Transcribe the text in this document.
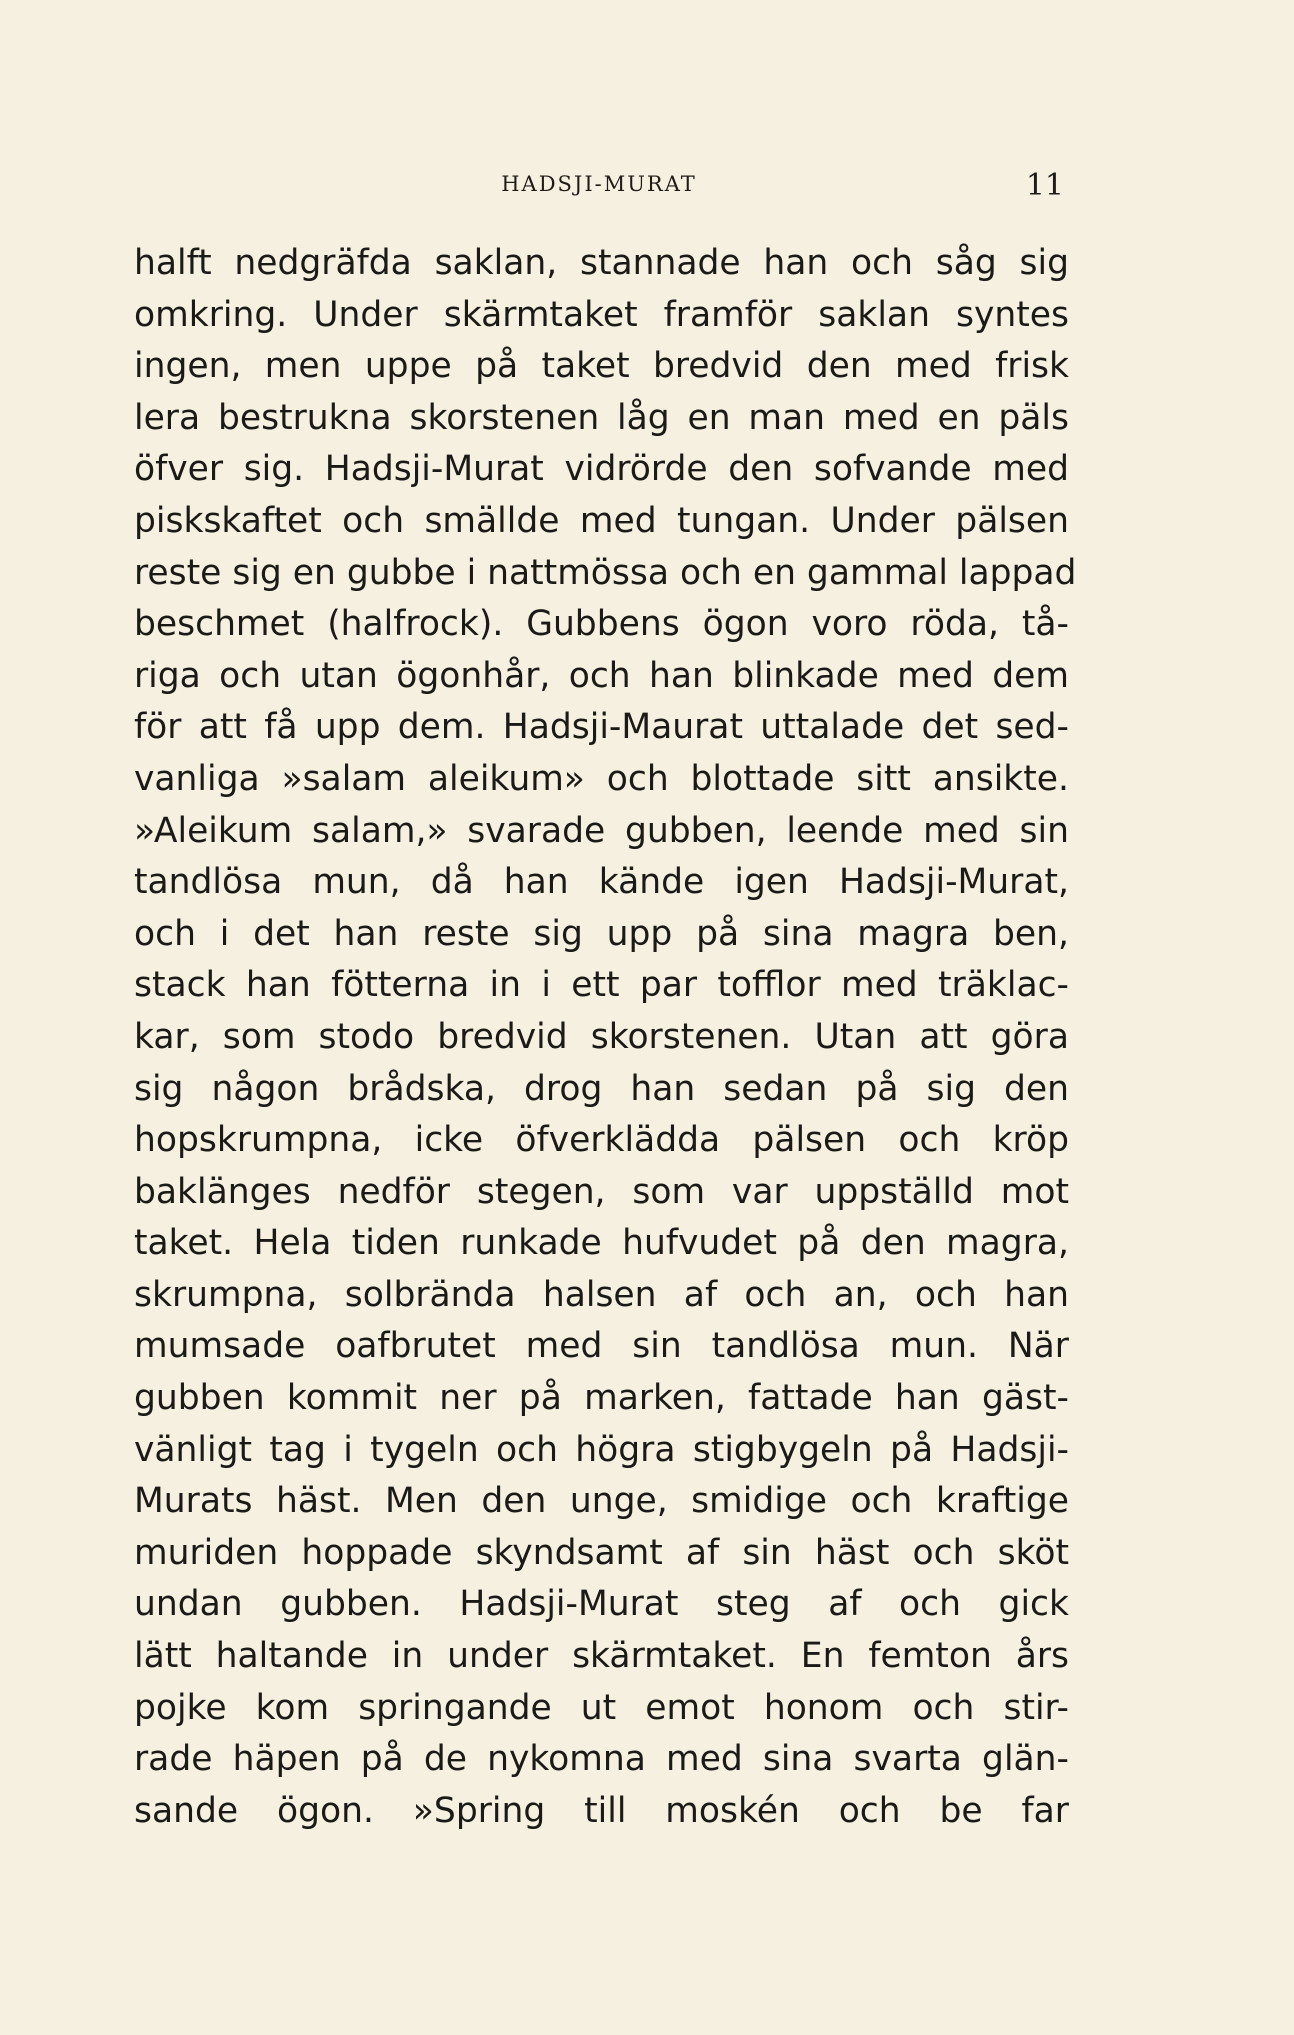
HADSJI-MURAT	11
halft nedgräfda saklan, stannade han och såg sig
omkring. Under skärmtaket framför saklan syntes
ingen, men uppe på taket bredvid den med frisk
lera bestrukna skorstenen låg en man med en päls
öfver sig. Hadsji-Murat vidrörde den sofvande med
piskskaftet och smällde med tungan. Under pälsen
reste sig en gubbe i nattmössa och en gammal lappad
beschmet (halfrock). Gubbens ögon voro röda, tå-
riga och utan ögonhår, och han blinkade med dem
för att få upp dem. Hadsji-Maurat uttalade det sed-
vanliga »salam aleikum» och blottade sitt ansikte.
»Aleikum salam,» svarade gubben, leende med sin
tandlösa mun, då han kände igen Hadsji-Murat,
och i det han reste sig upp på sina magra ben,
stack han fötterna in i ett par tofflor med träklac-
kar, som stodo bredvid skorstenen. Utan att göra
sig någon brådska, drog han sedan på sig den
hopskrumpna, icke öfverklädda pälsen och kröp
baklänges nedför stegen, som var uppställd mot
taket. Hela tiden runkade hufvudet på den magra,
skrumpna, solbrända halsen af och an, och han
mumsade oafbrutet med sin tandlösa mun. När
gubben kommit ner på marken, fattade han gäst-
vänligt tag i tygeln och högra stigbygeln på Hadsji-
Murats häst. Men den unge, smidige och kraftige
muriden hoppade skyndsamt af sin häst och sköt
undan gubben. Hadsji-Murat steg af och gick
lätt haltande in under skärmtaket. En femton års
pojke kom springande ut emot honom och stir-
rade häpen på de nykomna med sina svarta glän-
sande ögon. »Spring till moskén och be far
